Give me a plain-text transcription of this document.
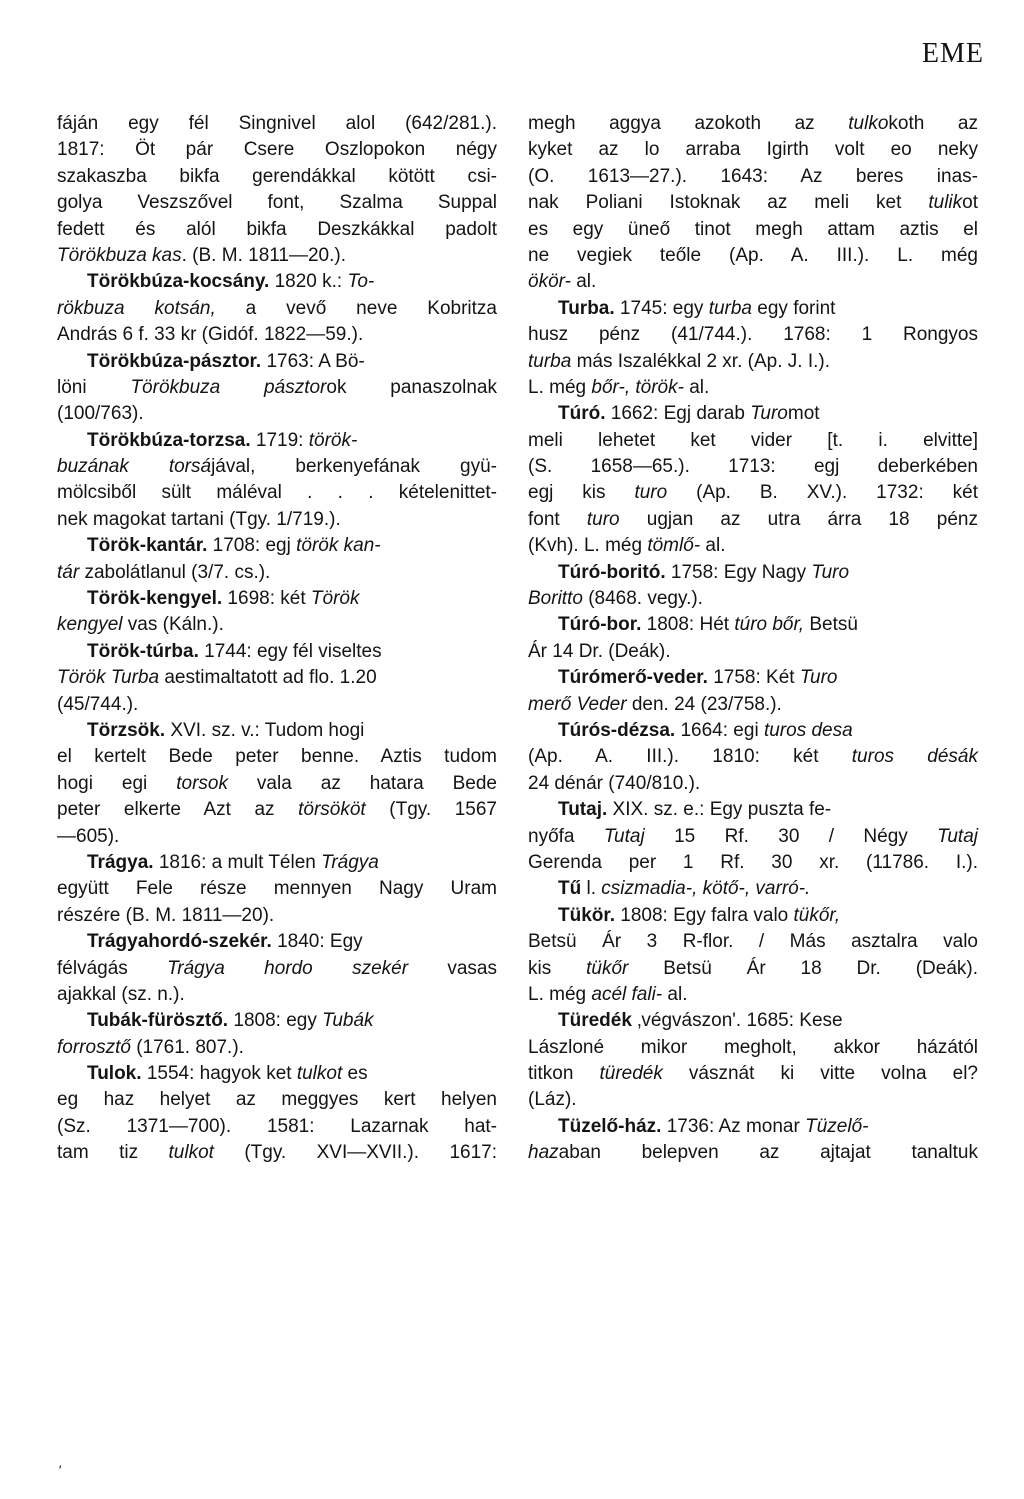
EME
fáján egy fél Singnivel alol (642/281.).
1817: Öt pár Csere Oszlopokon négy
szakaszba bikfa gerendákkal kötött csi-
golya Veszszővel font, Szalma Suppal
fedett és alól bikfa Deszkákkal padolt
Törökbuza kas. (B. M. 1811—20.).
Törökbúza-kocsány. 1820 k.: To-
rökbuza kotsán, a vevő neve Kobritza
András 6 f. 33 kr (Gidóf. 1822—59.).
Törökbúza-pásztor. 1763: A Bö-
löni Törökbuza pásztorok panaszolnak
(100/763).
Törökbúza-torzsa. 1719: török-
buzának torsájával, berkenyefának gyü-
mölcsiből sült máléval . . . kételenittet-
nek magokat tartani (Tgy. 1/719.).
Török-kantár. 1708: egj török kan-
tár zabolátlanul (3/7. cs.).
Török-kengyel. 1698: két Török
kengyel vas (Káln.).
Török-túrba. 1744: egy fél viseltes
Török Turba aestimaltatott ad flo. 1.20
(45/744.).
Törzsök. XVI. sz. v.: Tudom hogi
el kertelt Bede peter benne. Aztis tudom
hogi egi torsok vala az hatara Bede
peter elkerte Azt az törsököt (Tgy. 1567
—605).
Trágya. 1816: a mult Télen Trágya
együtt Fele része mennyen Nagy Uram
részére (B. M. 1811—20).
Trágyahordó-szekér. 1840: Egy
félvágás Trágya hordo szekér vasas
ajakkal (sz. n.).
Tubák-fürösztő. 1808: egy Tubák
forrosztő (1761. 807.).
Tulok. 1554: hagyok ket tulkot es
eg haz helyet az meggyes kert helyen
(Sz. 1371—700). 1581: Lazarnak hat-
tam tiz tulkot (Tgy. XVI—XVII.). 1617:
megh aggya azokoth az tulkokoth az
kyket az lo arraba Igirth volt eo neky
(O. 1613—27.). 1643: Az beres inas-
nak Poliani Istoknak az meli ket tulikot
es egy üneő tinot megh attam aztis el
ne vegiek teőle (Ap. A. III.). L. még
ökör- al.
Turba. 1745: egy turba egy forint
husz pénz (41/744.). 1768: 1 Rongyos
turba más Iszalékkal 2 xr. (Ap. J. I.).
L. még bőr-, török- al.
Túró. 1662: Egj darab Turomot
meli lehetet ket vider [t. i. elvitte]
(S. 1658—65.). 1713: egj deberkében
egj kis turo (Ap. B. XV.). 1732: két
font turo ugjan az utra árra 18 pénz
(Kvh). L. még tömlő- al.
Túró-boritó. 1758: Egy Nagy Turo
Boritto (8468. vegy.).
Túró-bor. 1808: Hét túro bőr, Betsü
Ár 14 Dr. (Deák).
Túrómerő-veder. 1758: Két Turo
merő Veder den. 24 (23/758.).
Túrós-dézsa. 1664: egi turos desa
(Ap. A. III.). 1810: két turos désák
24 dénár (740/810.).
Tutaj. XIX. sz. e.: Egy puszta fe-
nyőfa Tutaj 15 Rf. 30 / Négy Tutaj
Gerenda per 1 Rf. 30 xr. (11786. I.).
Tű l. csizmadia-, kötő-, varró-.
Tükör. 1808: Egy falra valo tükőr,
Betsü Ár 3 R-flor. / Más asztalra valo
kis tükőr Betsü Ár 18 Dr. (Deák).
L. még acél fali- al.
Türedék ‚végvászon'. 1685: Kese
Lászloné mikor megholt, akkor házától
titkon türedék vásznát ki vitte volna el?
(Láz).
Tüzelő-ház. 1736: Az monar Tüzelő-
hazaban belepven az ajtajat tanaltuk
'
